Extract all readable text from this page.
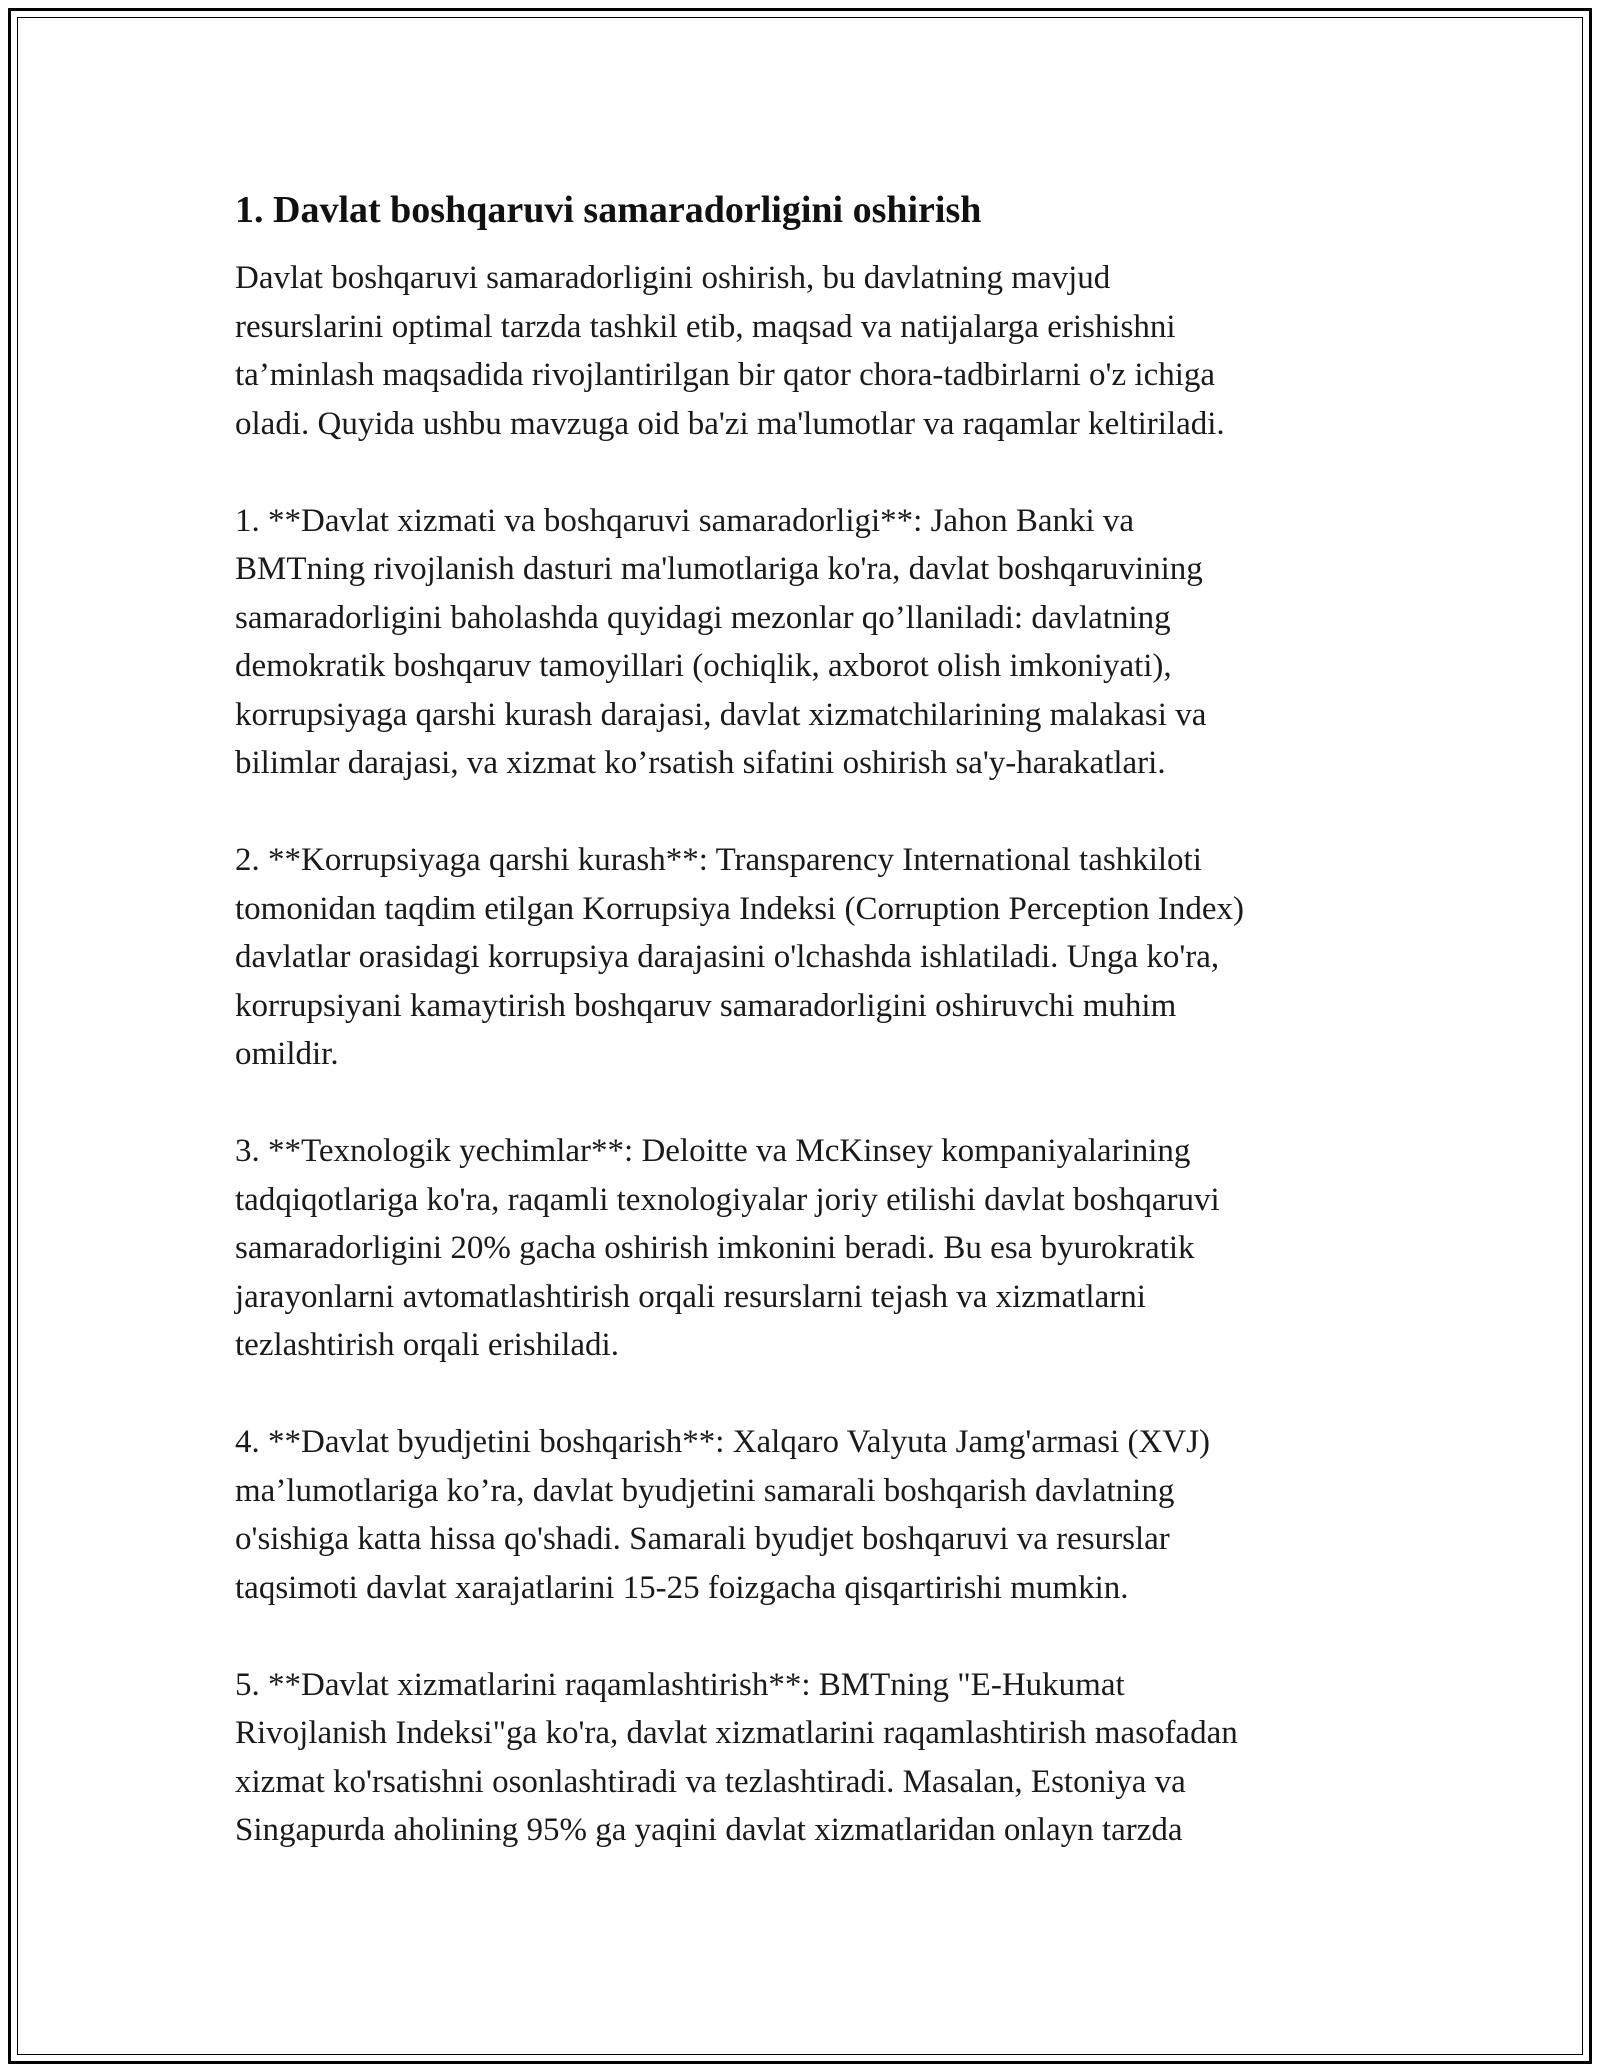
1. Davlat boshqaruvi samaradorligini oshirish

Davlat boshqaruvi samaradorligini oshirish, bu davlatning mavjud
resurslarini optimal tarzda tashkil etib, maqsad va natijalarga erishishni
ta’minlash maqsadida rivojlantirilgan bir qator chora-tadbirlarni o'z ichiga
oladi. Quyida ushbu mavzuga oid ba'zi ma'lumotlar va raqamlar keltiriladi.

1. **Davlat xizmati va boshqaruvi samaradorligi**: Jahon Banki va
BMTning rivojlanish dasturi ma'lumotlariga ko'ra, davlat boshqaruvining
samaradorligini baholashda quyidagi mezonlar qo’llaniladi: davlatning
demokratik boshqaruv tamoyillari (ochiqlik, axborot olish imkoniyati),
korrupsiyaga qarshi kurash darajasi, davlat xizmatchilarining malakasi va
bilimlar darajasi, va xizmat ko’rsatish sifatini oshirish sa'y-harakatlari.

2. **Korrupsiyaga qarshi kurash**: Transparency International tashkiloti
tomonidan taqdim etilgan Korrupsiya Indeksi (Corruption Perception Index)
davlatlar orasidagi korrupsiya darajasini o'lchashda ishlatiladi. Unga ko'ra,
korrupsiyani kamaytirish boshqaruv samaradorligini oshiruvchi muhim
omildir.

3. **Texnologik yechimlar**: Deloitte va McKinsey kompaniyalarining
tadqiqotlariga ko'ra, raqamli texnologiyalar joriy etilishi davlat boshqaruvi
samaradorligini 20% gacha oshirish imkonini beradi. Bu esa byurokratik
jarayonlarni avtomatlashtirish orqali resurslarni tejash va xizmatlarni
tezlashtirish orqali erishiladi.

4. **Davlat byudjetini boshqarish**: Xalqaro Valyuta Jamg'armasi (XVJ)
ma’lumotlariga ko’ra, davlat byudjetini samarali boshqarish davlatning
o'sishiga katta hissa qo'shadi. Samarali byudjet boshqaruvi va resurslar
taqsimoti davlat xarajatlarini 15-25 foizgacha qisqartirishi mumkin.

5. **Davlat xizmatlarini raqamlashtirish**: BMTning "E-Hukumat
Rivojlanish Indeksi"ga ko'ra, davlat xizmatlarini raqamlashtirish masofadan
xizmat ko'rsatishni osonlashtiradi va tezlashtiradi. Masalan, Estoniya va
Singapurda aholining 95% ga yaqini davlat xizmatlaridan onlayn tarzda
